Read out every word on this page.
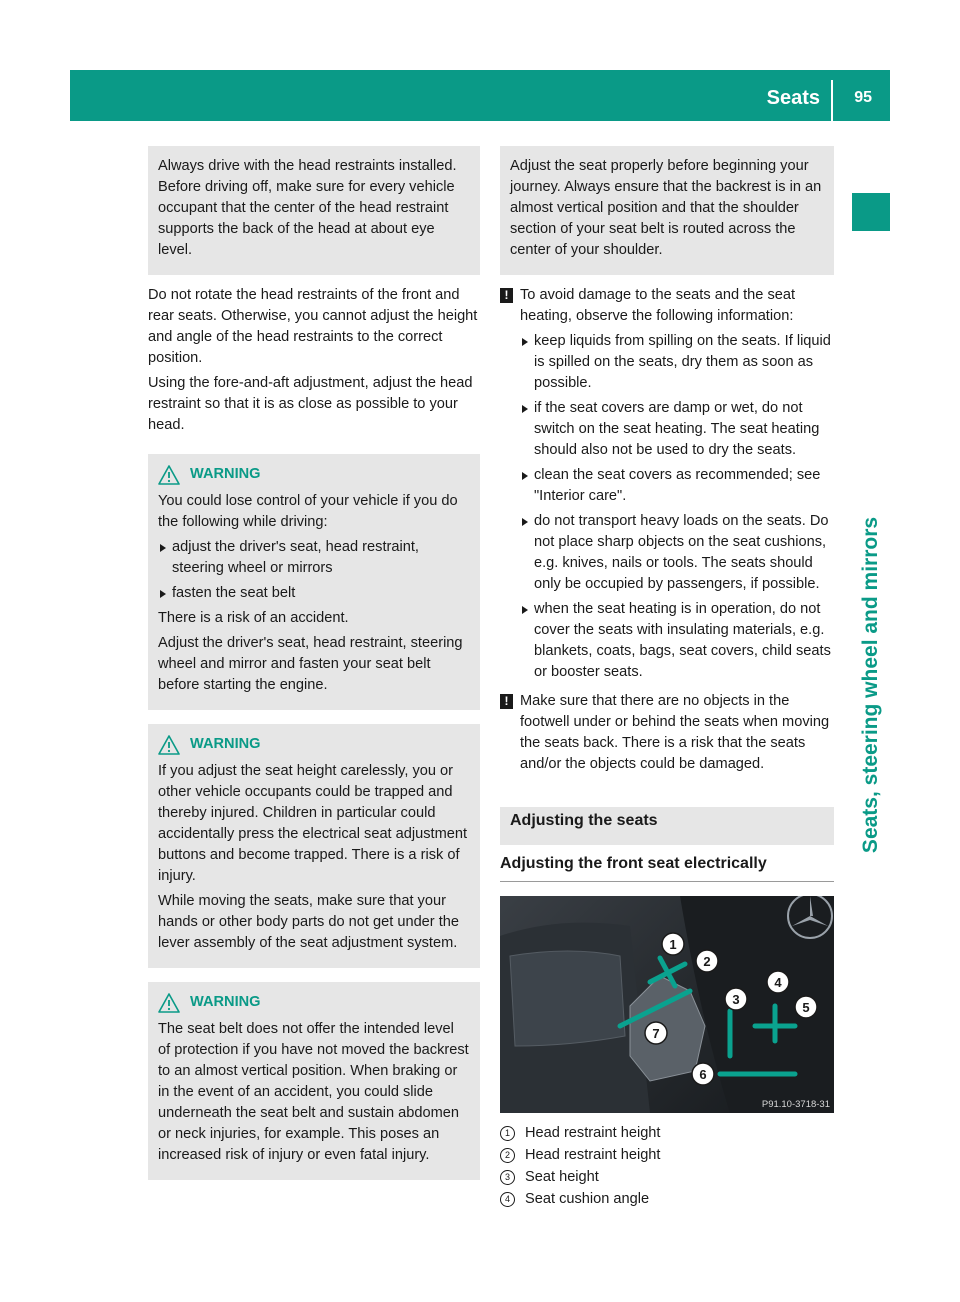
Seats 95
Seats, steering wheel and mirrors

Always drive with the head restraints installed. Before driving off, make sure for every vehicle occupant that the center of the head restraint supports the back of the head at about eye level.

Do not rotate the head restraints of the front and rear seats. Otherwise, you cannot adjust the height and angle of the head restraints to the correct position.

Using the fore-and-aft adjustment, adjust the head restraint so that it is as close as possible to your head.

WARNING

You could lose control of your vehicle if you do the following while driving:

adjust the driver's seat, head restraint, steering wheel or mirrors
fasten the seat belt

There is a risk of an accident.

Adjust the driver's seat, head restraint, steering wheel and mirror and fasten your seat belt before starting the engine.

WARNING

If you adjust the seat height carelessly, you or other vehicle occupants could be trapped and thereby injured. Children in particular could accidentally press the electrical seat adjustment buttons and become trapped. There is a risk of injury.

While moving the seats, make sure that your hands or other body parts do not get under the lever assembly of the seat adjustment system.

WARNING

The seat belt does not offer the intended level of protection if you have not moved the backrest to an almost vertical position. When braking or in the event of an accident, you could slide underneath the seat belt and sustain abdomen or neck injuries, for example. This poses an increased risk of injury or even fatal injury.

Adjust the seat properly before beginning your journey. Always ensure that the backrest is in an almost vertical position and that the shoulder section of your seat belt is routed across the center of your shoulder.

! To avoid damage to the seats and the seat heating, observe the following information:

keep liquids from spilling on the seats. If liquid is spilled on the seats, dry them as soon as possible.
if the seat covers are damp or wet, do not switch on the seat heating. The seat heating should also not be used to dry the seats.
clean the seat covers as recommended; see "Interior care".
do not transport heavy loads on the seats. Do not place sharp objects on the seat cushions, e.g. knives, nails or tools. The seats should only be occupied by passengers, if possible.
when the seat heating is in operation, do not cover the seats with insulating materials, e.g. blankets, coats, bags, seat covers, child seats or booster seats.
! Make sure that there are no objects in the footwell under or behind the seats when moving the seats back. There is a risk that the seats and/or the objects could be damaged.

Adjusting the seats
Adjusting the front seat electrically
1
2
3
4
5
6
7
P91.10-3718-31
1	Head restraint height
2	Head restraint height
3	Seat height
4	Seat cushion angle
